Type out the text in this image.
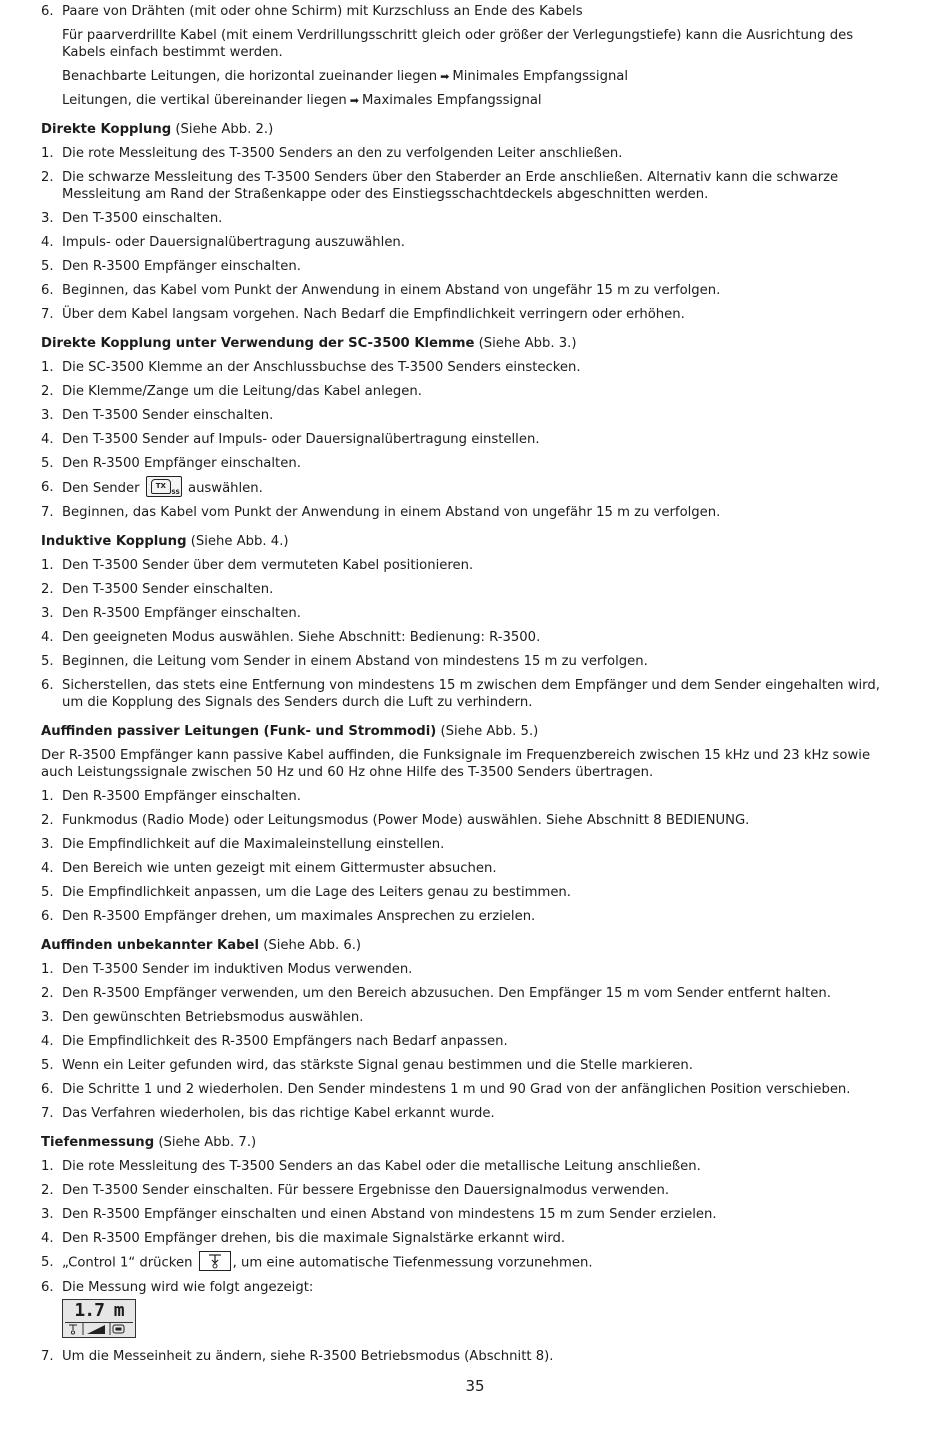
6. Paare von Drähten (mit oder ohne Schirm) mit Kurzschluss an Ende des Kabels

Für paarverdrillte Kabel (mit einem Verdrillungsschritt gleich oder größer der Verlegungstiefe) kann die Ausrichtung des Kabels einfach bestimmt werden.

Benachbarte Leitungen, die horizontal zueinander liegen ➡ Minimales Empfangssignal

Leitungen, die vertikal übereinander liegen ➡ Maximales Empfangssignal

Direkte Kopplung (Siehe Abb. 2.)

1. Die rote Messleitung des T-3500 Senders an den zu verfolgenden Leiter anschließen.
2. Die schwarze Messleitung des T-3500 Senders über den Staberder an Erde anschließen. Alternativ kann die schwarze Messleitung am Rand der Straßenkappe oder des Einstiegsschachtdeckels abgeschnitten werden.
3. Den T-3500 einschalten.
4. Impuls- oder Dauersignalübertragung auszuwählen.
5. Den R-3500 Empfänger einschalten.
6. Beginnen, das Kabel vom Punkt der Anwendung in einem Abstand von ungefähr 15 m zu verfolgen.
7. Über dem Kabel langsam vorgehen. Nach Bedarf die Empfindlichkeit verringern oder erhöhen.

Direkte Kopplung unter Verwendung der SC-3500 Klemme (Siehe Abb. 3.)

1. Die SC-3500 Klemme an der Anschlussbuchse des T-3500 Senders einstecken.
2. Die Klemme/Zange um die Leitung/das Kabel anlegen.
3. Den T-3500 Sender einschalten.
4. Den T-3500 Sender auf Impuls- oder Dauersignalübertragung einstellen.
5. Den R-3500 Empfänger einschalten.
6. Den Sender	TX
SS auswählen.
7. Beginnen, das Kabel vom Punkt der Anwendung in einem Abstand von ungefähr 15 m zu verfolgen.

Induktive Kopplung (Siehe Abb. 4.)

1. Den T-3500 Sender über dem vermuteten Kabel positionieren.
2. Den T-3500 Sender einschalten.
3. Den R-3500 Empfänger einschalten.
4. Den geeigneten Modus auswählen. Siehe Abschnitt: Bedienung: R-3500.
5. Beginnen, die Leitung vom Sender in einem Abstand von mindestens 15 m zu verfolgen.
6. Sicherstellen, das stets eine Entfernung von mindestens 15 m zwischen dem Empfänger und dem Sender eingehalten wird, um die Kopplung des Signals des Senders durch die Luft zu verhindern.

Auffinden passiver Leitungen (Funk- und Strommodi) (Siehe Abb. 5.)

Der R-3500 Empfänger kann passive Kabel auffinden, die Funksignale im Frequenzbereich zwischen 15 kHz und 23 kHz sowie auch Leistungssignale zwischen 50 Hz und 60 Hz ohne Hilfe des T-3500 Senders übertragen.

1. Den R-3500 Empfänger einschalten.
2. Funkmodus (Radio Mode) oder Leitungsmodus (Power Mode) auswählen. Siehe Abschnitt 8 BEDIENUNG.
3. Die Empfindlichkeit auf die Maximaleinstellung einstellen.
4. Den Bereich wie unten gezeigt mit einem Gittermuster absuchen.
5. Die Empfindlichkeit anpassen, um die Lage des Leiters genau zu bestimmen.
6. Den R-3500 Empfänger drehen, um maximales Ansprechen zu erzielen.

Auffinden unbekannter Kabel (Siehe Abb. 6.)

1. Den T-3500 Sender im induktiven Modus verwenden.
2. Den R-3500 Empfänger verwenden, um den Bereich abzusuchen. Den Empfänger 15 m vom Sender entfernt halten.
3. Den gewünschten Betriebsmodus auswählen.
4. Die Empfindlichkeit des R-3500 Empfängers nach Bedarf anpassen.
5. Wenn ein Leiter gefunden wird, das stärkste Signal genau bestimmen und die Stelle markieren.
6. Die Schritte 1 und 2 wiederholen. Den Sender mindestens 1 m und 90 Grad von der anfänglichen Position verschieben.
7. Das Verfahren wiederholen, bis das richtige Kabel erkannt wurde.

Tiefenmessung (Siehe Abb. 7.)

1. Die rote Messleitung des T-3500 Senders an das Kabel oder die metallische Leitung anschließen.
2. Den T-3500 Sender einschalten. Für bessere Ergebnisse den Dauersignalmodus verwenden.
3. Den R-3500 Empfänger einschalten und einen Abstand von mindestens 15 m zum Sender erzielen.
4. Den R-3500 Empfänger drehen, bis die maximale Signalstärke erkannt wird.
5. „Control 1“ drücken	, um eine automatische Tiefenmessung vorzunehmen.
6. Die Messung wird wie folgt angezeigt:
1.7 m
7. Um die Messeinheit zu ändern, siehe R-3500 Betriebsmodus (Abschnitt 8).
35
